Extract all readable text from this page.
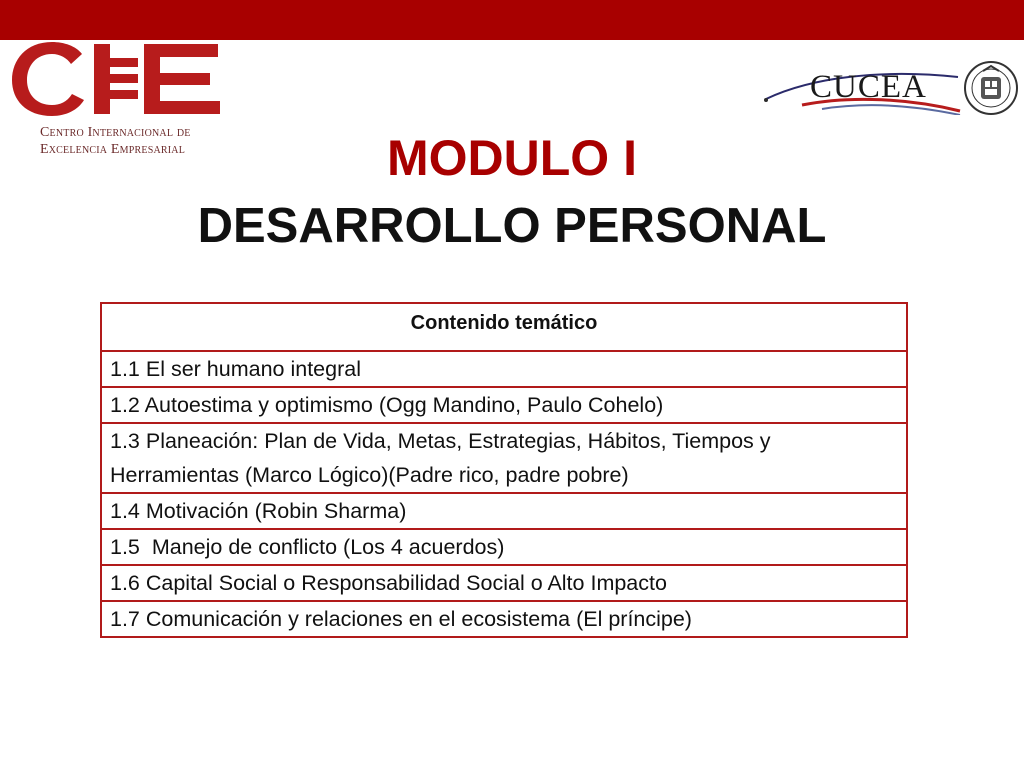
Centro Internacional de
Excelencia Empresarial
CUCEA
MODULO I
DESARROLLO PERSONAL
Contenido temático
1.1 El ser humano integral
1.2 Autoestima y optimismo (Ogg Mandino, Paulo Cohelo)
1.3 Planeación: Plan de Vida, Metas, Estrategias, Hábitos, Tiempos y Herramientas (Marco Lógico)(Padre rico, padre pobre)
1.4 Motivación (Robin Sharma)
1.5  Manejo de conflicto (Los 4 acuerdos)
1.6 Capital Social o Responsabilidad Social o Alto Impacto
1.7 Comunicación y relaciones en el ecosistema (El príncipe)
